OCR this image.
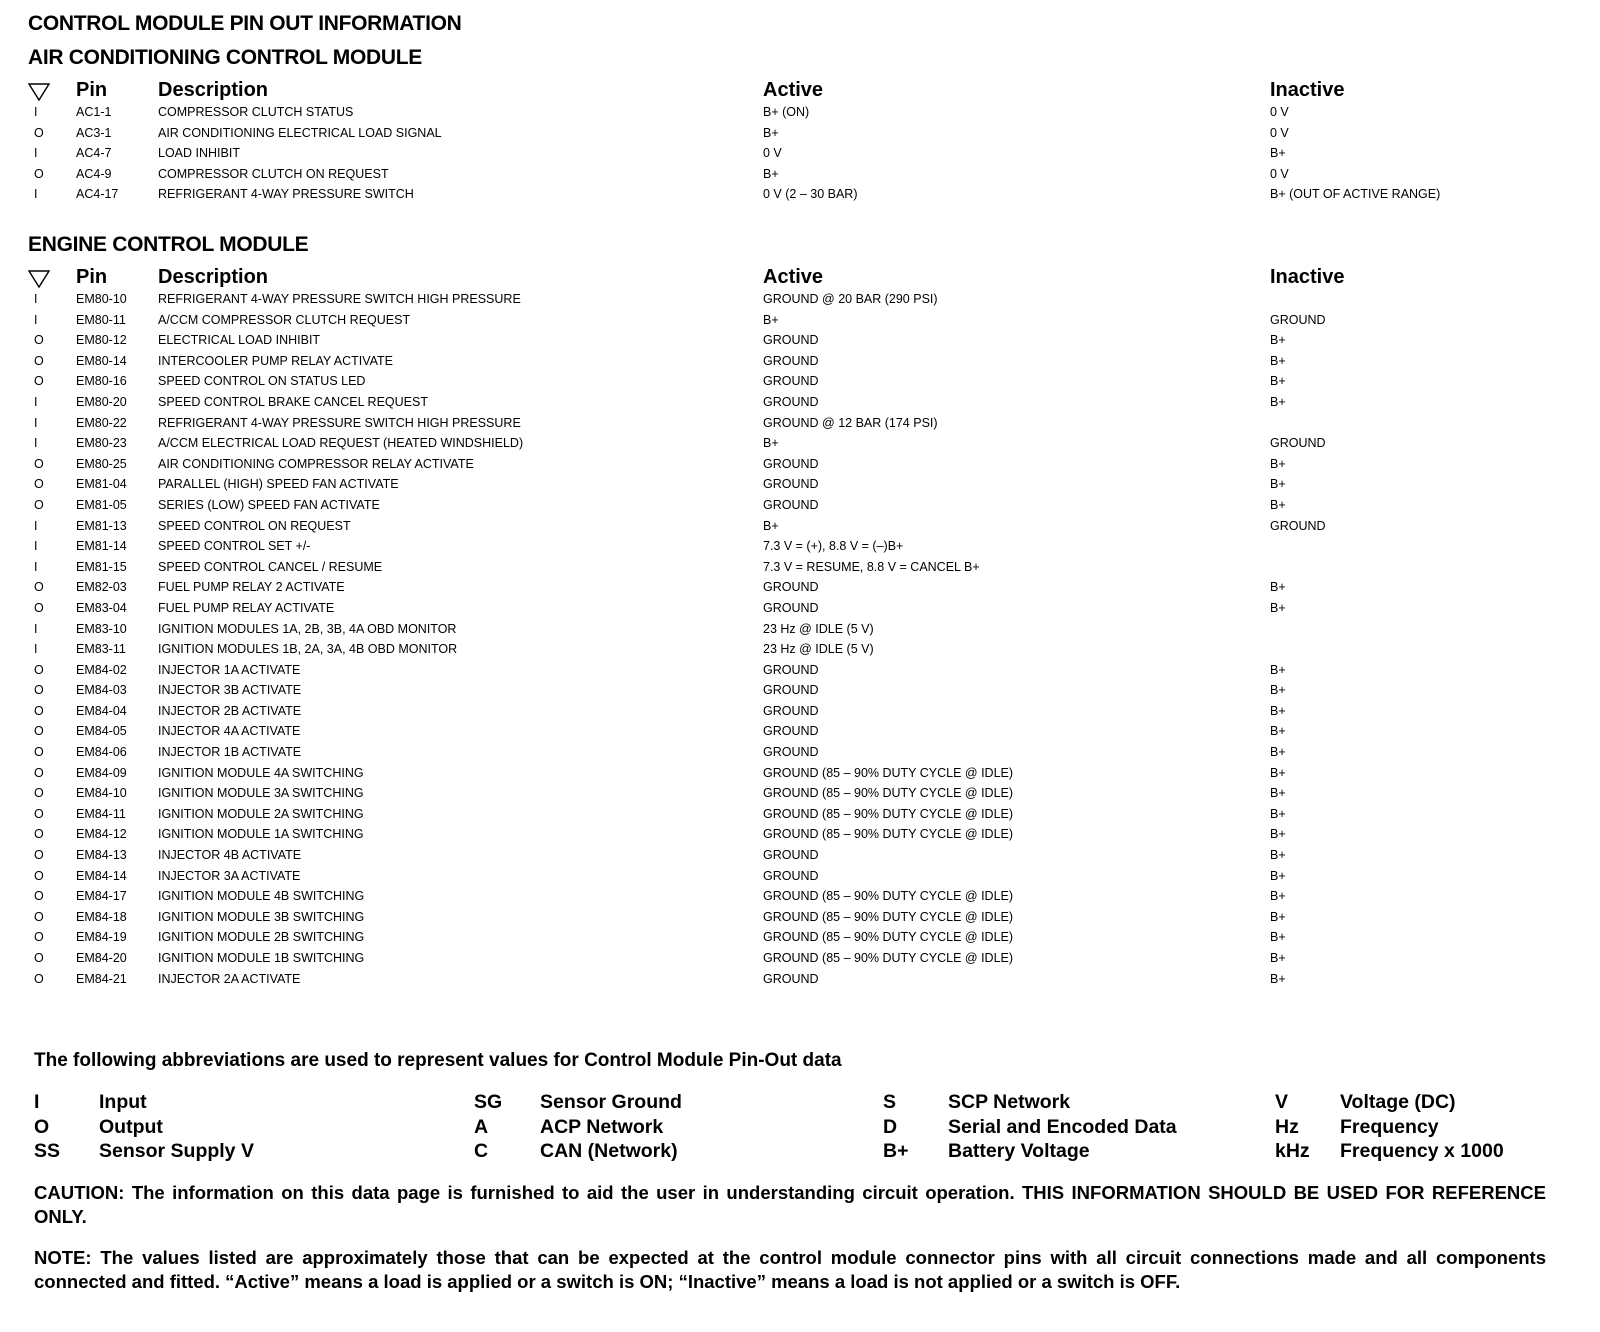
CONTROL MODULE PIN OUT INFORMATION
AIR CONDITIONING CONTROL MODULE
	Pin	Description	Active	Inactive
I	AC1-1	COMPRESSOR CLUTCH STATUS	B+ (ON)	0 V
O	AC3-1	AIR CONDITIONING ELECTRICAL LOAD SIGNAL	B+	0 V
I	AC4-7	LOAD INHIBIT	0 V	B+
O	AC4-9	COMPRESSOR CLUTCH ON REQUEST	B+	0 V
I	AC4-17	REFRIGERANT 4-WAY PRESSURE SWITCH	0 V (2 – 30 BAR)	B+ (OUT OF ACTIVE RANGE)
ENGINE CONTROL MODULE
	Pin	Description	Active	Inactive
I	EM80-10	REFRIGERANT 4-WAY PRESSURE SWITCH HIGH PRESSURE	GROUND @ 20 BAR (290 PSI)	
I	EM80-11	A/CCM COMPRESSOR CLUTCH REQUEST	B+	GROUND
O	EM80-12	ELECTRICAL LOAD INHIBIT	GROUND	B+
O	EM80-14	INTERCOOLER PUMP RELAY ACTIVATE	GROUND	B+
O	EM80-16	SPEED CONTROL ON STATUS LED	GROUND	B+
I	EM80-20	SPEED CONTROL BRAKE CANCEL REQUEST	GROUND	B+
I	EM80-22	REFRIGERANT 4-WAY PRESSURE SWITCH HIGH PRESSURE	GROUND @ 12 BAR (174 PSI)	
I	EM80-23	A/CCM ELECTRICAL LOAD REQUEST (HEATED WINDSHIELD)	B+	GROUND
O	EM80-25	AIR CONDITIONING COMPRESSOR RELAY ACTIVATE	GROUND	B+
O	EM81-04	PARALLEL (HIGH) SPEED FAN ACTIVATE	GROUND	B+
O	EM81-05	SERIES (LOW) SPEED FAN ACTIVATE	GROUND	B+
I	EM81-13	SPEED CONTROL ON REQUEST	B+	GROUND
I	EM81-14	SPEED CONTROL SET +/-	7.3 V = (+), 8.8 V = (–)B+	
I	EM81-15	SPEED CONTROL CANCEL / RESUME	7.3 V = RESUME, 8.8 V = CANCEL B+	
O	EM82-03	FUEL PUMP RELAY 2 ACTIVATE	GROUND	B+
O	EM83-04	FUEL PUMP RELAY ACTIVATE	GROUND	B+
I	EM83-10	IGNITION MODULES 1A, 2B, 3B, 4A OBD MONITOR	23 Hz @ IDLE (5 V)	
I	EM83-11	IGNITION MODULES 1B, 2A, 3A, 4B OBD MONITOR	23 Hz @ IDLE (5 V)	
O	EM84-02	INJECTOR 1A ACTIVATE	GROUND	B+
O	EM84-03	INJECTOR 3B ACTIVATE	GROUND	B+
O	EM84-04	INJECTOR 2B ACTIVATE	GROUND	B+
O	EM84-05	INJECTOR 4A ACTIVATE	GROUND	B+
O	EM84-06	INJECTOR 1B ACTIVATE	GROUND	B+
O	EM84-09	IGNITION MODULE 4A SWITCHING	GROUND (85 – 90% DUTY CYCLE @ IDLE)	B+
O	EM84-10	IGNITION MODULE 3A SWITCHING	GROUND (85 – 90% DUTY CYCLE @ IDLE)	B+
O	EM84-11	IGNITION MODULE 2A SWITCHING	GROUND (85 – 90% DUTY CYCLE @ IDLE)	B+
O	EM84-12	IGNITION MODULE 1A SWITCHING	GROUND (85 – 90% DUTY CYCLE @ IDLE)	B+
O	EM84-13	INJECTOR 4B ACTIVATE	GROUND	B+
O	EM84-14	INJECTOR 3A ACTIVATE	GROUND	B+
O	EM84-17	IGNITION MODULE 4B SWITCHING	GROUND (85 – 90% DUTY CYCLE @ IDLE)	B+
O	EM84-18	IGNITION MODULE 3B SWITCHING	GROUND (85 – 90% DUTY CYCLE @ IDLE)	B+
O	EM84-19	IGNITION MODULE 2B SWITCHING	GROUND (85 – 90% DUTY CYCLE @ IDLE)	B+
O	EM84-20	IGNITION MODULE 1B SWITCHING	GROUND (85 – 90% DUTY CYCLE @ IDLE)	B+
O	EM84-21	INJECTOR 2A ACTIVATE	GROUND	B+
The following abbreviations are used to represent values for Control Module Pin-Out data
I	Input	SG Sensor Ground	S	SCP Network	V	Voltage (DC)
O	Output	A	ACP Network	D	Serial and Encoded Data	Hz Frequency
SS Sensor Supply V	C	CAN (Network)	B+ Battery Voltage	kHz Frequency x 1000
CAUTION: The information on this data page is furnished to aid the user in understanding circuit operation. THIS INFORMATION SHOULD BE USED FOR REFERENCE ONLY.
NOTE: The values listed are approximately those that can be expected at the control module connector pins with all circuit connections made and all components connected and fitted. “Active” means a load is applied or a switch is ON; “Inactive” means a load is not applied or a switch is OFF.
